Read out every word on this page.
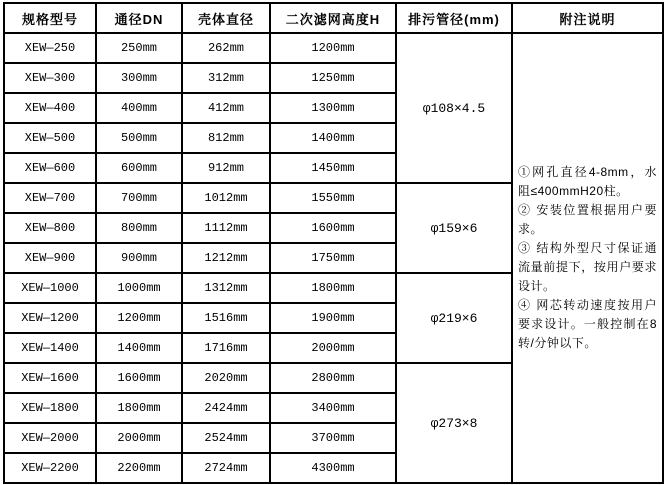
规格型号	通径DN	壳体直径	二次滤网高度H	排污管径(mm)	附注说明
XEW—250	250mm	262mm	1200mm	φ108×4.5	①网孔直径4-8mm，水阻≤400mmH20柱。
② 安装位置根据用户要求。
③ 结构外型尺寸保证通流量前提下，按用户要求设计。
④ 网芯转动速度按用户要求设计。一般控制在8转/分钟以下。

XEW—300	300mm	312mm	1250mm		
XEW—400	400mm	412mm	1300mm		
XEW—500	500mm	812mm	1400mm		
XEW—600	600mm	912mm	1450mm		
XEW—700	700mm	1012mm	1550mm	φ159×6	
XEW—800	800mm	1112mm	1600mm		
XEW—900	900mm	1212mm	1750mm		
XEW—1000	1000mm	1312mm	1800mm	φ219×6	
XEW—1200	1200mm	1516mm	1900mm		
XEW—1400	1400mm	1716mm	2000mm		
XEW—1600	1600mm	2020mm	2800mm	φ273×8	
XEW—1800	1800mm	2424mm	3400mm		
XEW—2000	2000mm	2524mm	3700mm		
XEW—2200	2200mm	2724mm	4300mm		
